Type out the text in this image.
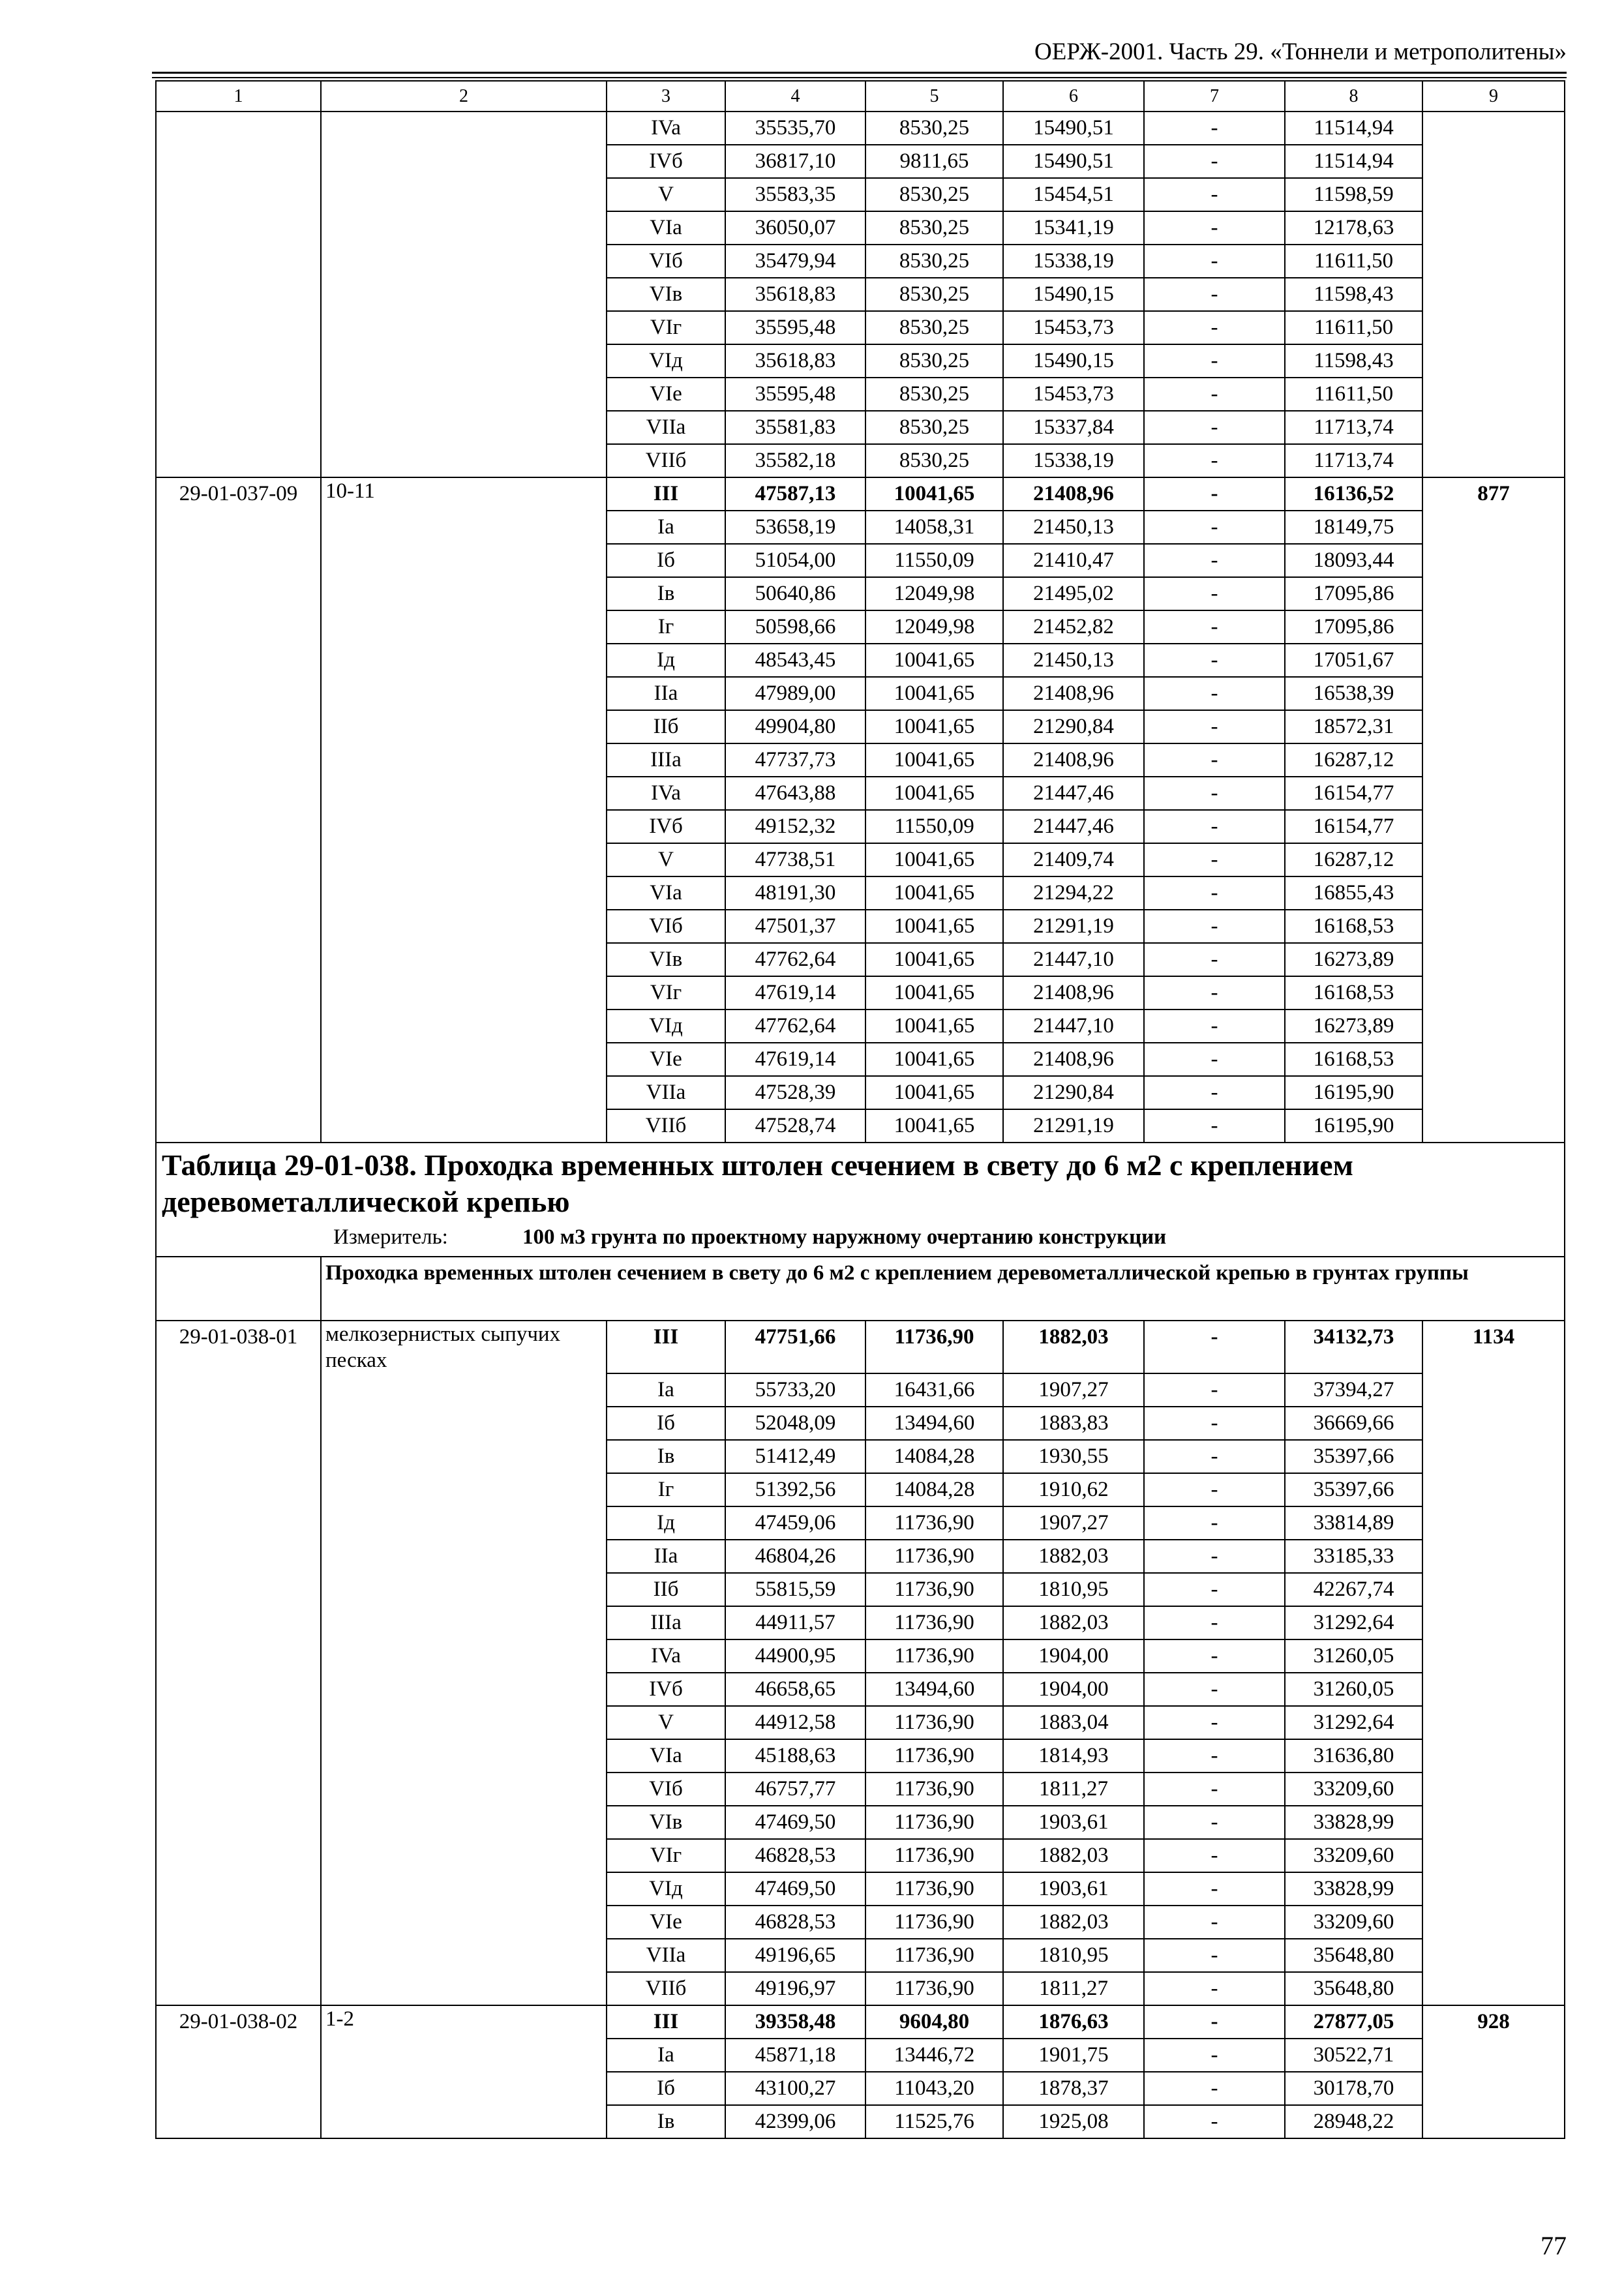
ОЕРЖ-2001. Часть 29. «Тоннели и метрополитены»
1	2	3	4	5	6	7	8	9
		IVa	35535,70	8530,25	15490,51	-	11514,94	
		IVб	36817,10	9811,65	15490,51	-	11514,94	
		V	35583,35	8530,25	15454,51	-	11598,59	
		VIa	36050,07	8530,25	15341,19	-	12178,63	
		VIб	35479,94	8530,25	15338,19	-	11611,50	
		VIв	35618,83	8530,25	15490,15	-	11598,43	
		VIг	35595,48	8530,25	15453,73	-	11611,50	
		VIд	35618,83	8530,25	15490,15	-	11598,43	
		VIe	35595,48	8530,25	15453,73	-	11611,50	
		VIIa	35581,83	8530,25	15337,84	-	11713,74	
		VIIб	35582,18	8530,25	15338,19	-	11713,74	
29-01-037-09	10-11	III	47587,13	10041,65	21408,96	-	16136,52	877
		Ia	53658,19	14058,31	21450,13	-	18149,75	
		Iб	51054,00	11550,09	21410,47	-	18093,44	
		Iв	50640,86	12049,98	21495,02	-	17095,86	
		Iг	50598,66	12049,98	21452,82	-	17095,86	
		Iд	48543,45	10041,65	21450,13	-	17051,67	
		IIa	47989,00	10041,65	21408,96	-	16538,39	
		IIб	49904,80	10041,65	21290,84	-	18572,31	
		IIIa	47737,73	10041,65	21408,96	-	16287,12	
		IVa	47643,88	10041,65	21447,46	-	16154,77	
		IVб	49152,32	11550,09	21447,46	-	16154,77	
		V	47738,51	10041,65	21409,74	-	16287,12	
		VIa	48191,30	10041,65	21294,22	-	16855,43	
		VIб	47501,37	10041,65	21291,19	-	16168,53	
		VIв	47762,64	10041,65	21447,10	-	16273,89	
		VIг	47619,14	10041,65	21408,96	-	16168,53	
		VIд	47762,64	10041,65	21447,10	-	16273,89	
		VIe	47619,14	10041,65	21408,96	-	16168,53	
		VIIa	47528,39	10041,65	21290,84	-	16195,90	
		VIIб	47528,74	10041,65	21291,19	-	16195,90	
Таблица 29-01-038. Проходка временных штолен сечением в свету до 6 м2 с креплением деревометаллической крепью								
Измеритель: 100 м3 грунта по проектному наружному очертанию конструкции								
	Проходка временных штолен сечением в свету до 6 м2 с креплением деревометаллической крепью в грунтах группы							
29-01-038-01	мелкозернистых сыпучих песках	III	47751,66	11736,90	1882,03	-	34132,73	1134
		Ia	55733,20	16431,66	1907,27	-	37394,27	
		Iб	52048,09	13494,60	1883,83	-	36669,66	
		Iв	51412,49	14084,28	1930,55	-	35397,66	
		Iг	51392,56	14084,28	1910,62	-	35397,66	
		Iд	47459,06	11736,90	1907,27	-	33814,89	
		IIa	46804,26	11736,90	1882,03	-	33185,33	
		IIб	55815,59	11736,90	1810,95	-	42267,74	
		IIIa	44911,57	11736,90	1882,03	-	31292,64	
		IVa	44900,95	11736,90	1904,00	-	31260,05	
		IVб	46658,65	13494,60	1904,00	-	31260,05	
		V	44912,58	11736,90	1883,04	-	31292,64	
		VIa	45188,63	11736,90	1814,93	-	31636,80	
		VIб	46757,77	11736,90	1811,27	-	33209,60	
		VIв	47469,50	11736,90	1903,61	-	33828,99	
		VIг	46828,53	11736,90	1882,03	-	33209,60	
		VIд	47469,50	11736,90	1903,61	-	33828,99	
		VIe	46828,53	11736,90	1882,03	-	33209,60	
		VIIa	49196,65	11736,90	1810,95	-	35648,80	
		VIIб	49196,97	11736,90	1811,27	-	35648,80	
29-01-038-02	1-2	III	39358,48	9604,80	1876,63	-	27877,05	928
		Ia	45871,18	13446,72	1901,75	-	30522,71	
		Iб	43100,27	11043,20	1878,37	-	30178,70	
		Iв	42399,06	11525,76	1925,08	-	28948,22	
77
